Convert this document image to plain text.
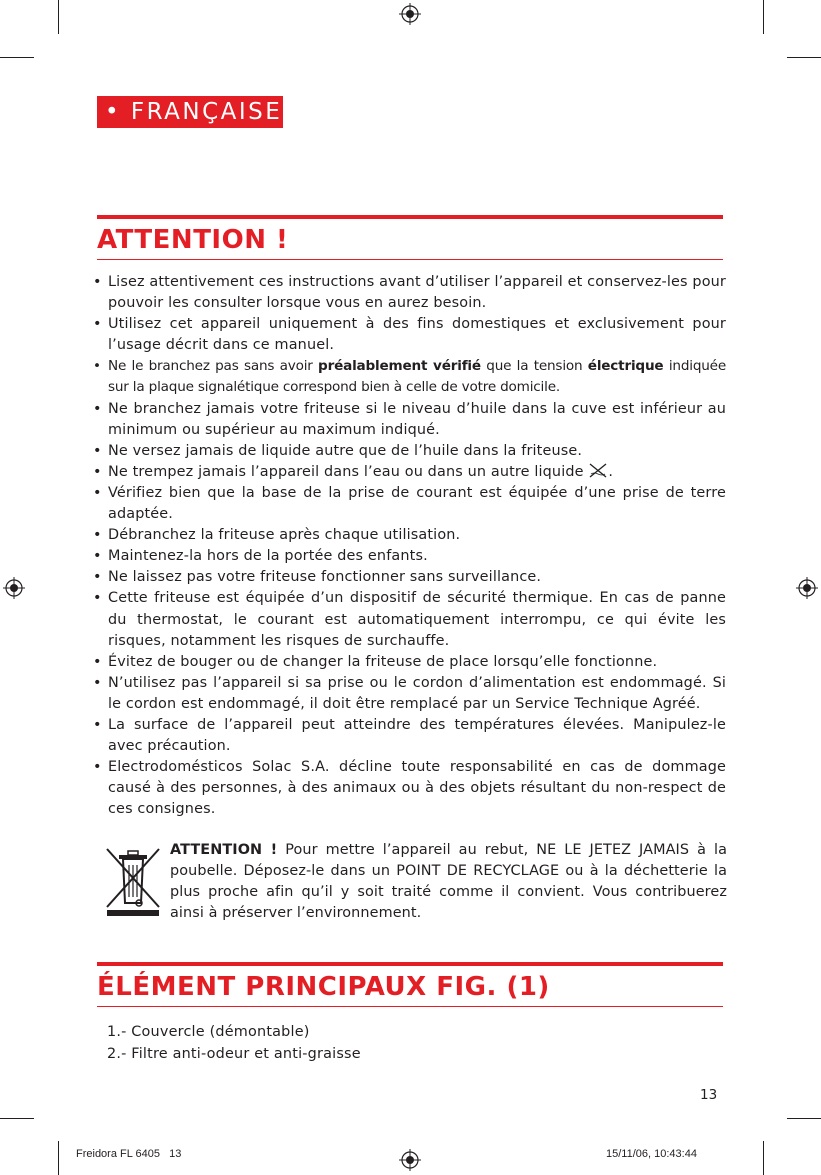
• FRANÇAISE
ATTENTION !
• Lisez attentivement ces instructions avant d’utiliser l’appareil et conservez-les pour pouvoir les consulter lorsque vous en aurez besoin.
• Utilisez cet appareil uniquement à des fins domestiques et exclusivement pour l’usage décrit dans ce manuel.
• Ne le branchez pas sans avoir préalablement vérifié que la tension électrique indiquée sur la plaque signalétique correspond bien à celle de votre domicile.
• Ne branchez jamais votre friteuse si le niveau d’huile dans la cuve est inférieur au minimum ou supérieur au maximum indiqué.
• Ne versez jamais de liquide autre que de l’huile dans la friteuse.
• Ne trempez jamais l’appareil dans l’eau ou dans un autre liquide .
• Vérifiez bien que la base de la prise de courant est équipée d’une prise de terre adaptée.
• Débranchez la friteuse après chaque utilisation.
• Maintenez-la hors de la portée des enfants.
• Ne laissez pas votre friteuse fonctionner sans surveillance.
• Cette friteuse est équipée d’un dispositif de sécurité thermique. En cas de panne du thermostat, le courant est automatiquement interrompu, ce qui évite les risques, notamment les risques de surchauffe.
• Évitez de bouger ou de changer la friteuse de place lorsqu’elle fonctionne.
• N’utilisez pas l’appareil si sa prise ou le cordon d’alimentation est endommagé. Si le cordon est endommagé, il doit être remplacé par un Service Technique Agréé.
• La surface de l’appareil peut atteindre des températures élevées. Manipulez-le avec précaution.
• Electrodomésticos Solac S.A. décline toute responsabilité en cas de dommage causé à des personnes, à des animaux ou à des objets résultant du non-respect de ces consignes.
ATTENTION ! Pour mettre l’appareil au rebut, NE LE JETEZ JAMAIS à la poubelle. Déposez-le dans un POINT DE RECYCLAGE ou à la déchetterie la plus proche afin qu’il y soit traité comme il convient. Vous contribuerez ainsi à préserver l’environnement.
ÉLÉMENT PRINCIPAUX FIG. (1)
1.- Couvercle (démontable)
2.- Filtre anti-odeur et anti-graisse
13
Freidora FL 6405   13	15/11/06, 10:43:44
